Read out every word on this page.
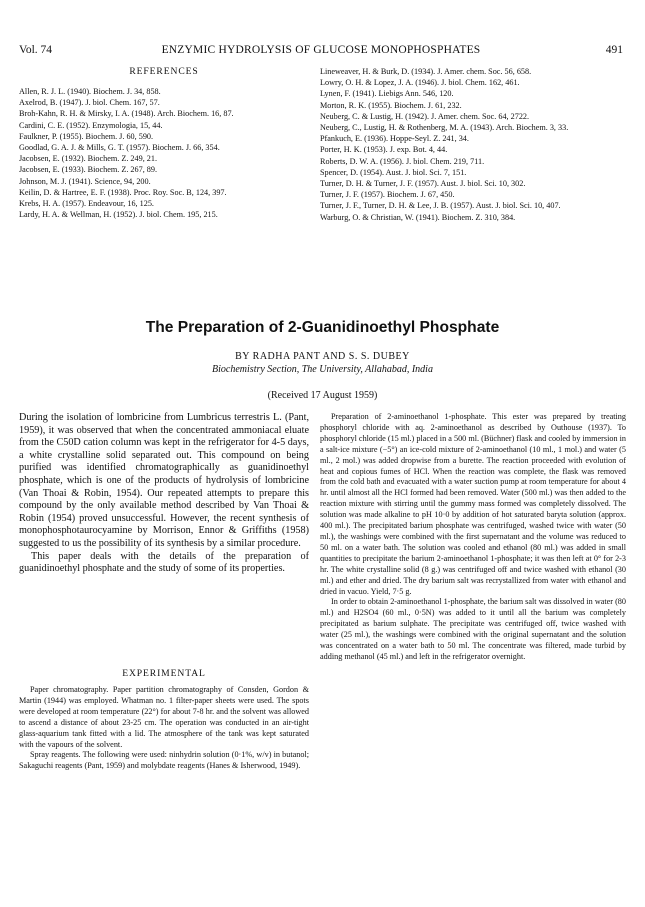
Vol. 74	ENZYMIC HYDROLYSIS OF GLUCOSE MONOPHOSPHATES	491
REFERENCES
Allen, R. J. L. (1940). Biochem. J. 34, 858.
Axelrod, B. (1947). J. biol. Chem. 167, 57.
Broh-Kahn, R. H. & Mirsky, I. A. (1948). Arch. Biochem. 16, 87.
Cardini, C. E. (1952). Enzymologia, 15, 44.
Faulkner, P. (1955). Biochem. J. 60, 590.
Goodlad, G. A. J. & Mills, G. T. (1957). Biochem. J. 66, 354.
Jacobsen, E. (1932). Biochem. Z. 249, 21.
Jacobsen, E. (1933). Biochem. Z. 267, 89.
Johnson, M. J. (1941). Science, 94, 200.
Keilin, D. & Hartree, E. F. (1938). Proc. Roy. Soc. B, 124, 397.
Krebs, H. A. (1957). Endeavour, 16, 125.
Lardy, H. A. & Wellman, H. (1952). J. biol. Chem. 195, 215.
Lineweaver, H. & Burk, D. (1934). J. Amer. chem. Soc. 56, 658.
Lowry, O. H. & Lopez, J. A. (1946). J. biol. Chem. 162, 461.
Lynen, F. (1941). Liebigs Ann. 546, 120.
Morton, R. K. (1955). Biochem. J. 61, 232.
Neuberg, C. & Lustig, H. (1942). J. Amer. chem. Soc. 64, 2722.
Neuberg, C., Lustig, H. & Rothenberg, M. A. (1943). Arch. Biochem. 3, 33.
Pfankuch, E. (1936). Hoppe-Seyl. Z. 241, 34.
Porter, H. K. (1953). J. exp. Bot. 4, 44.
Roberts, D. W. A. (1956). J. biol. Chem. 219, 711.
Spencer, D. (1954). Aust. J. biol. Sci. 7, 151.
Turner, D. H. & Turner, J. F. (1957). Aust. J. biol. Sci. 10, 302.
Turner, J. F. (1957). Biochem. J. 67, 450.
Turner, J. F., Turner, D. H. & Lee, J. B. (1957). Aust. J. biol. Sci. 10, 407.
Warburg, O. & Christian, W. (1941). Biochem. Z. 310, 384.
The Preparation of 2-Guanidinoethyl Phosphate
BY RADHA PANT AND S. S. DUBEY
Biochemistry Section, The University, Allahabad, India
(Received 17 August 1959)

During the isolation of lombricine from Lumbricus terrestris L. (Pant, 1959), it was observed that when the concentrated ammoniacal eluate from the C50D cation column was kept in the refrigerator for 4-5 days, a white crystalline solid separated out. This compound on being purified was identified chromatographically as guanidinoethyl phosphate, which is one of the products of hydrolysis of lombricine (Van Thoai & Robin, 1954). Our repeated attempts to prepare this compound by the only available method described by Van Thoai & Robin (1954) proved unsuccessful. However, the recent synthesis of monophosphotaurocyamine by Morrison, Ennor & Griffiths (1958) suggested to us the possibility of its synthesis by a similar procedure.

This paper deals with the details of the preparation of guanidinoethyl phosphate and the study of some of its properties.

EXPERIMENTAL

Paper chromatography. Paper partition chromatography of Consden, Gordon & Martin (1944) was employed. Whatman no. 1 filter-paper sheets were used. The spots were developed at room temperature (22°) for about 7-8 hr. and the solvent was allowed to ascend a distance of about 23-25 cm. The operation was conducted in an air-tight glass-aquarium tank fitted with a lid. The atmosphere of the tank was kept saturated with the vapours of the solvent.

Spray reagents. The following were used: ninhydrin solution (0·1%, w/v) in butanol; Sakaguchi reagents (Pant, 1959) and molybdate reagents (Hanes & Isherwood, 1949).

Preparation of 2-aminoethanol 1-phosphate. This ester was prepared by treating phosphoryl chloride with aq. 2-aminoethanol as described by Outhouse (1937). To phosphoryl chloride (15 ml.) placed in a 500 ml. (Büchner) flask and cooled by immersion in a salt-ice mixture (−5°) an ice-cold mixture of 2-aminoethanol (10 ml., 1 mol.) and water (5 ml., 2 mol.) was added dropwise from a burette. The reaction proceeded with evolution of heat and copious fumes of HCl. When the reaction was complete, the flask was removed from the cold bath and evacuated with a water suction pump at room temperature for about 4 hr. until almost all the HCl formed had been removed. Water (500 ml.) was then added to the reaction mixture with stirring until the gummy mass formed was completely dissolved. The solution was made alkaline to pH 10·0 by addition of hot saturated baryta solution (approx. 400 ml.). The precipitated barium phosphate was centrifuged, washed twice with water (50 ml.), the washings were combined with the first supernatant and the volume was reduced to 50 ml. on a water bath. The solution was cooled and ethanol (80 ml.) was added in small quantities to precipitate the barium 2-aminoethanol 1-phosphate; it was then left at 0° for 2-3 hr. The white crystalline solid (8 g.) was centrifuged off and twice washed with ethanol (30 ml.) and ether and dried. The dry barium salt was recrystallized from water with ethanol and dried in vacuo. Yield, 7·5 g.

In order to obtain 2-aminoethanol 1-phosphate, the barium salt was dissolved in water (80 ml.) and H2SO4 (60 ml., 0·5N) was added to it until all the barium was completely precipitated as barium sulphate. The precipitate was centrifuged off, twice washed with water (25 ml.), the washings were combined with the original supernatant and the solution was concentrated on a water bath to 50 ml. The concentrate was filtered, made turbid by adding methanol (45 ml.) and left in the refrigerator overnight.
